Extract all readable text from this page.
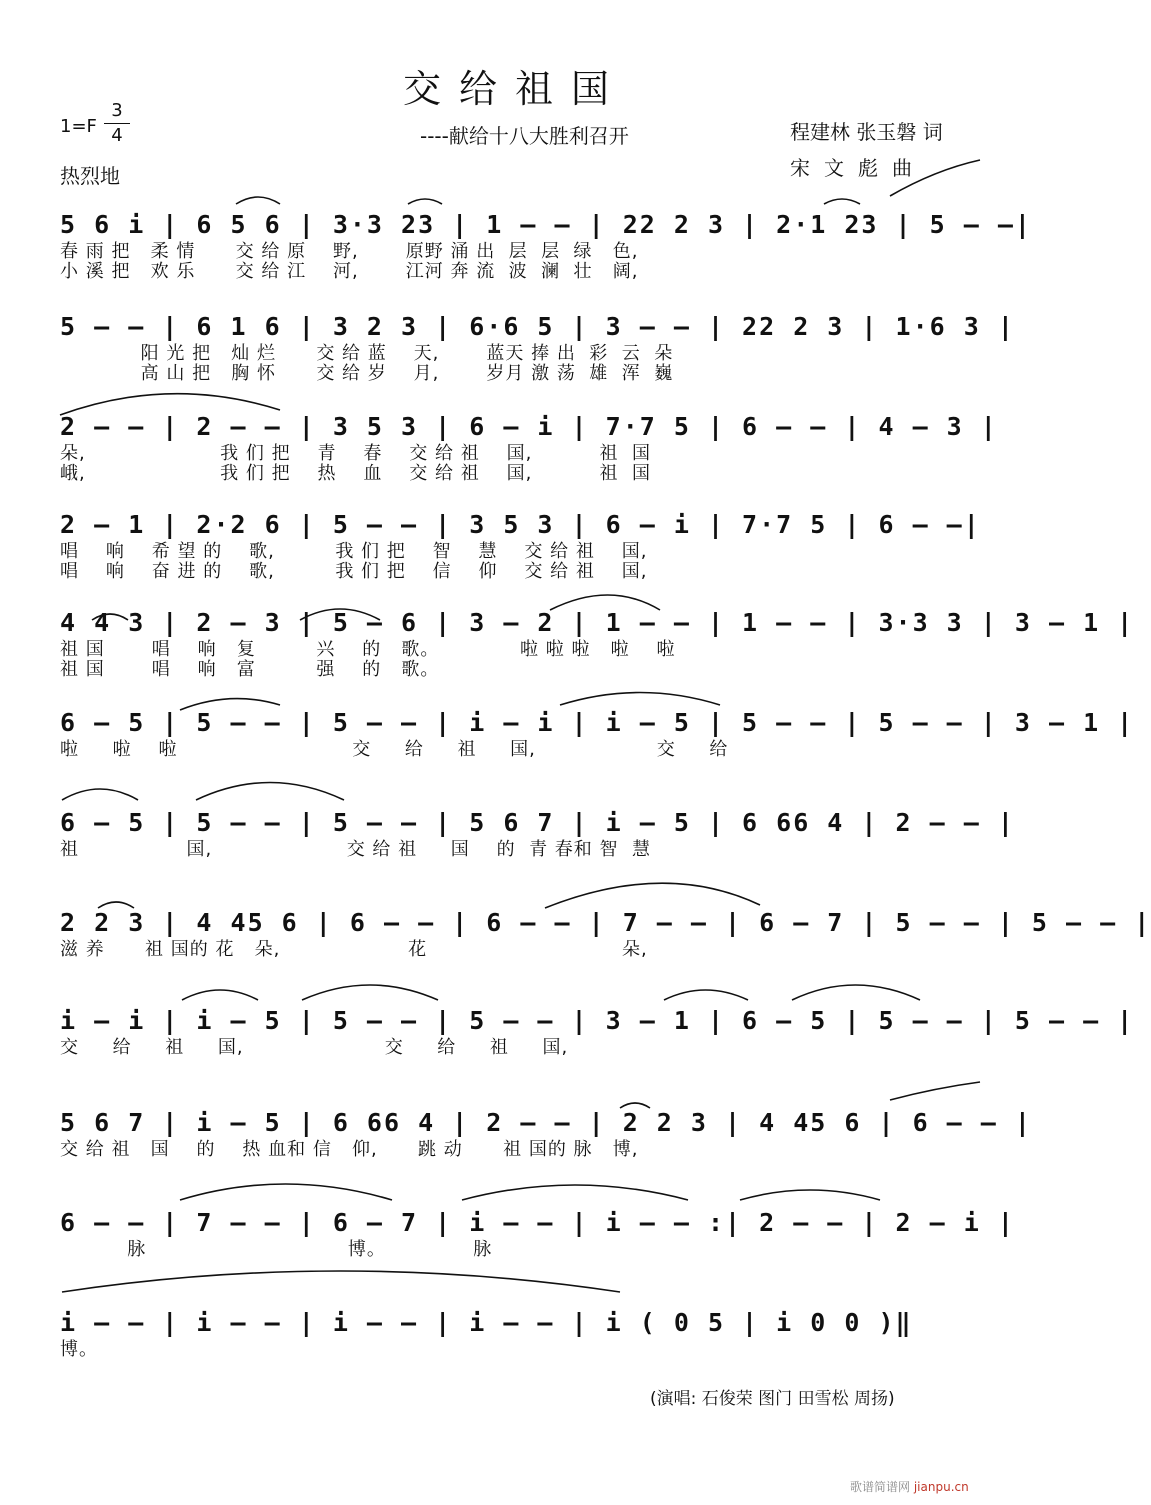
交给祖国
1=F
3
4	----献给十八大胜利召开	程建林 张玉磐 词
宋文彪曲
热烈地
5 6 i | 6 5 6 | 3·3 23 | 1 — — | 22 2 3 | 2·1 23 | 5 — —|
春 雨 把   柔 情      交 给 原    野,       原野 涌 出  层  层  绿   色,
小 溪 把   欢 乐      交 给 江    河,       江河 奔 流  波  澜  壮   阔,
5 — — | 6 1 6 | 3 2 3 | 6·6 5 | 3 — — | 22 2 3 | 1·6 3 |
阳 光 把   灿 烂      交 给 蓝    天,       蓝天 捧 出  彩  云  朵
高 山 把   胸 怀      交 给 岁    月,       岁月 激 荡  雄  浑  巍
2 — — | 2 — — | 3 5 3 | 6 — i | 7·7 5 | 6 — — | 4 — 3 |
朵,                    我 们 把    青    春    交 给 祖    国,          祖  国
峨,                    我 们 把    热    血    交 给 祖    国,          祖  国
2 — 1 | 2·2 6 | 5 — — | 3 5 3 | 6 — i | 7·7 5 | 6 — —|
唱    响    希 望 的    歌,         我 们 把    智    慧    交 给 祖    国,
唱    响    奋 进 的    歌,         我 们 把    信    仰    交 给 祖    国,
4 4 3 | 2 — 3 | 5 — 6 | 3 — 2 | 1 — — | 1 — — | 3·3 3 | 3 — 1 |
祖 国       唱    响   复         兴    的   歌。            啦 啦 啦   啦    啦
祖 国       唱    响   富         强    的   歌。
6 — 5 | 5 — — | 5 — — | i — i | i — 5 | 5 — — | 5 — — | 3 — 1 |
啦     啦    啦                          交     给     祖     国,                  交     给
6 — 5 | 5 — — | 5 — — | 5 6 7 | i — 5 | 6 66 4 | 2 — — |
祖                国,                    交 给 祖     国    的  青 春和 智  慧
2 2 3 | 4 45 6 | 6 — — | 6 — — | 7 — — | 6 — 7 | 5 — — | 5 — — |
滋 养      祖 国的 花   朵,                   花                             朵,
i — i | i — 5 | 5 — — | 5 — — | 3 — 1 | 6 — 5 | 5 — — | 5 — — |
交     给     祖     国,                     交     给     祖     国,
5 6 7 | i — 5 | 6 66 4 | 2 — — | 2 2 3 | 4 45 6 | 6 — — |
交 给 祖   国    的    热 血和 信   仰,      跳 动      祖 国的 脉   博,
6 — — | 7 — — | 6 — 7 | i — — | i — — :| 2 — — | 2 — i |
脉                              博。             脉
i — — | i — — | i — — | i — — | i ( 0 5 | i 0 0 )‖
博。
(演唱: 石俊荣 图门 田雪松 周扬)
歌谱简谱网 jianpu.cn
